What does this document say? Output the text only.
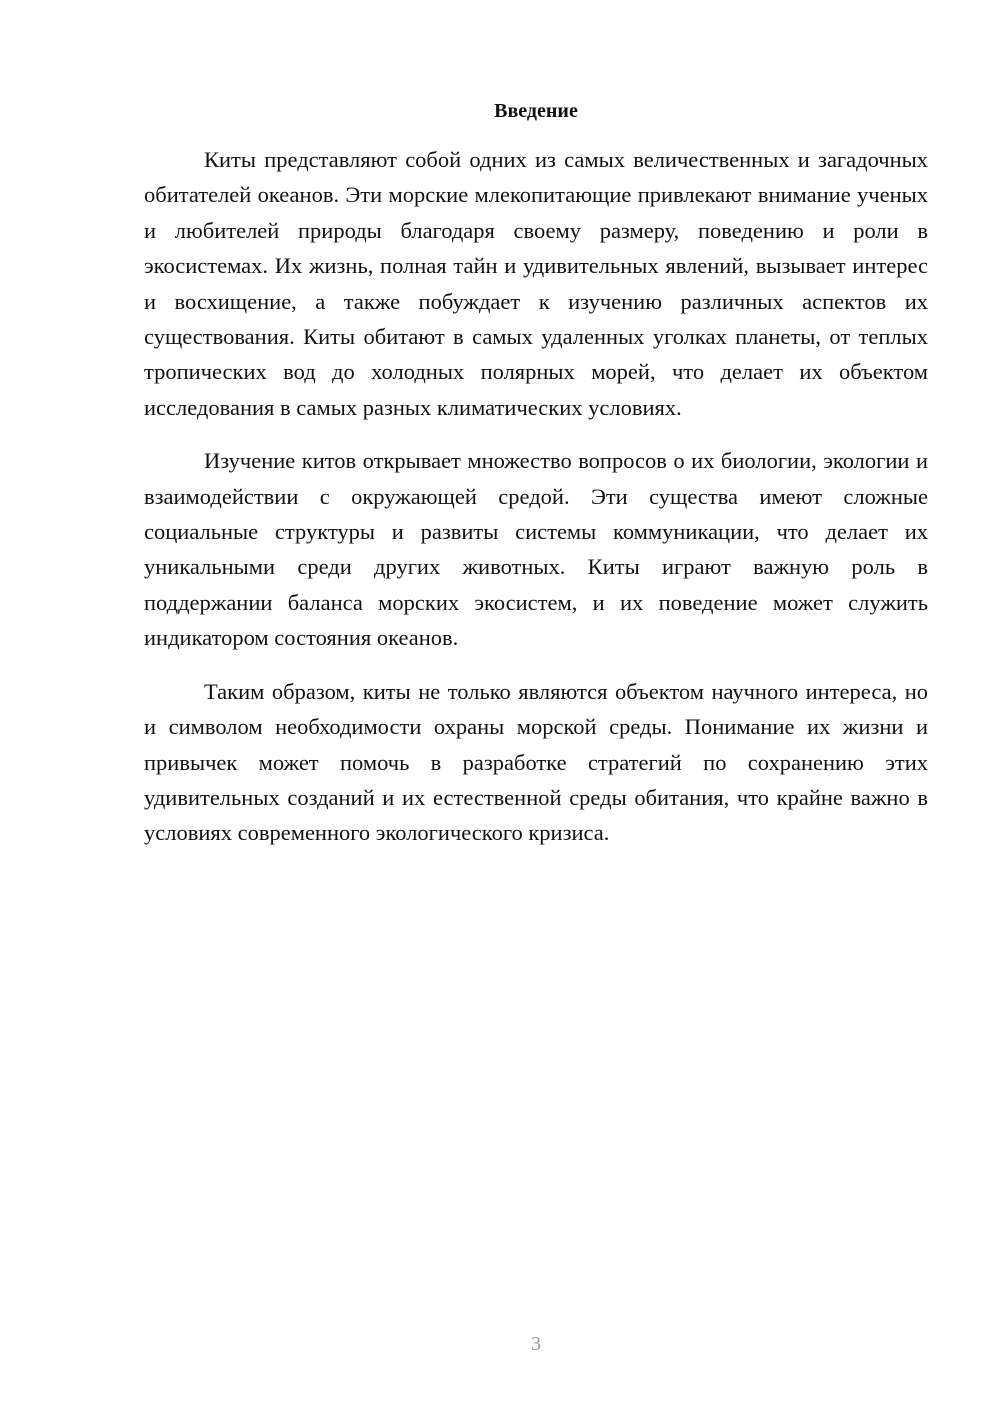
Введение

Киты представляют собой одних из самых величественных и загадочных обитателей океанов. Эти морские млекопитающие привлекают внимание ученых и любителей природы благодаря своему размеру, поведению и роли в экосистемах. Их жизнь, полная тайн и удивительных явлений, вызывает интерес и восхищение, а также побуждает к изучению различных аспектов их существования. Киты обитают в самых удаленных уголках планеты, от теплых тропических вод до холодных полярных морей, что делает их объектом исследования в самых разных климатических условиях.

Изучение китов открывает множество вопросов о их биологии, экологии и взаимодействии с окружающей средой. Эти существа имеют сложные социальные структуры и развиты системы коммуникации, что делает их уникальными среди других животных. Киты играют важную роль в поддержании баланса морских экосистем, и их поведение может служить индикатором состояния океанов.

Таким образом, киты не только являются объектом научного интереса, но и символом необходимости охраны морской среды. Понимание их жизни и привычек может помочь в разработке стратегий по сохранению этих удивительных созданий и их естественной среды обитания, что крайне важно в условиях современного экологического кризиса.

3
